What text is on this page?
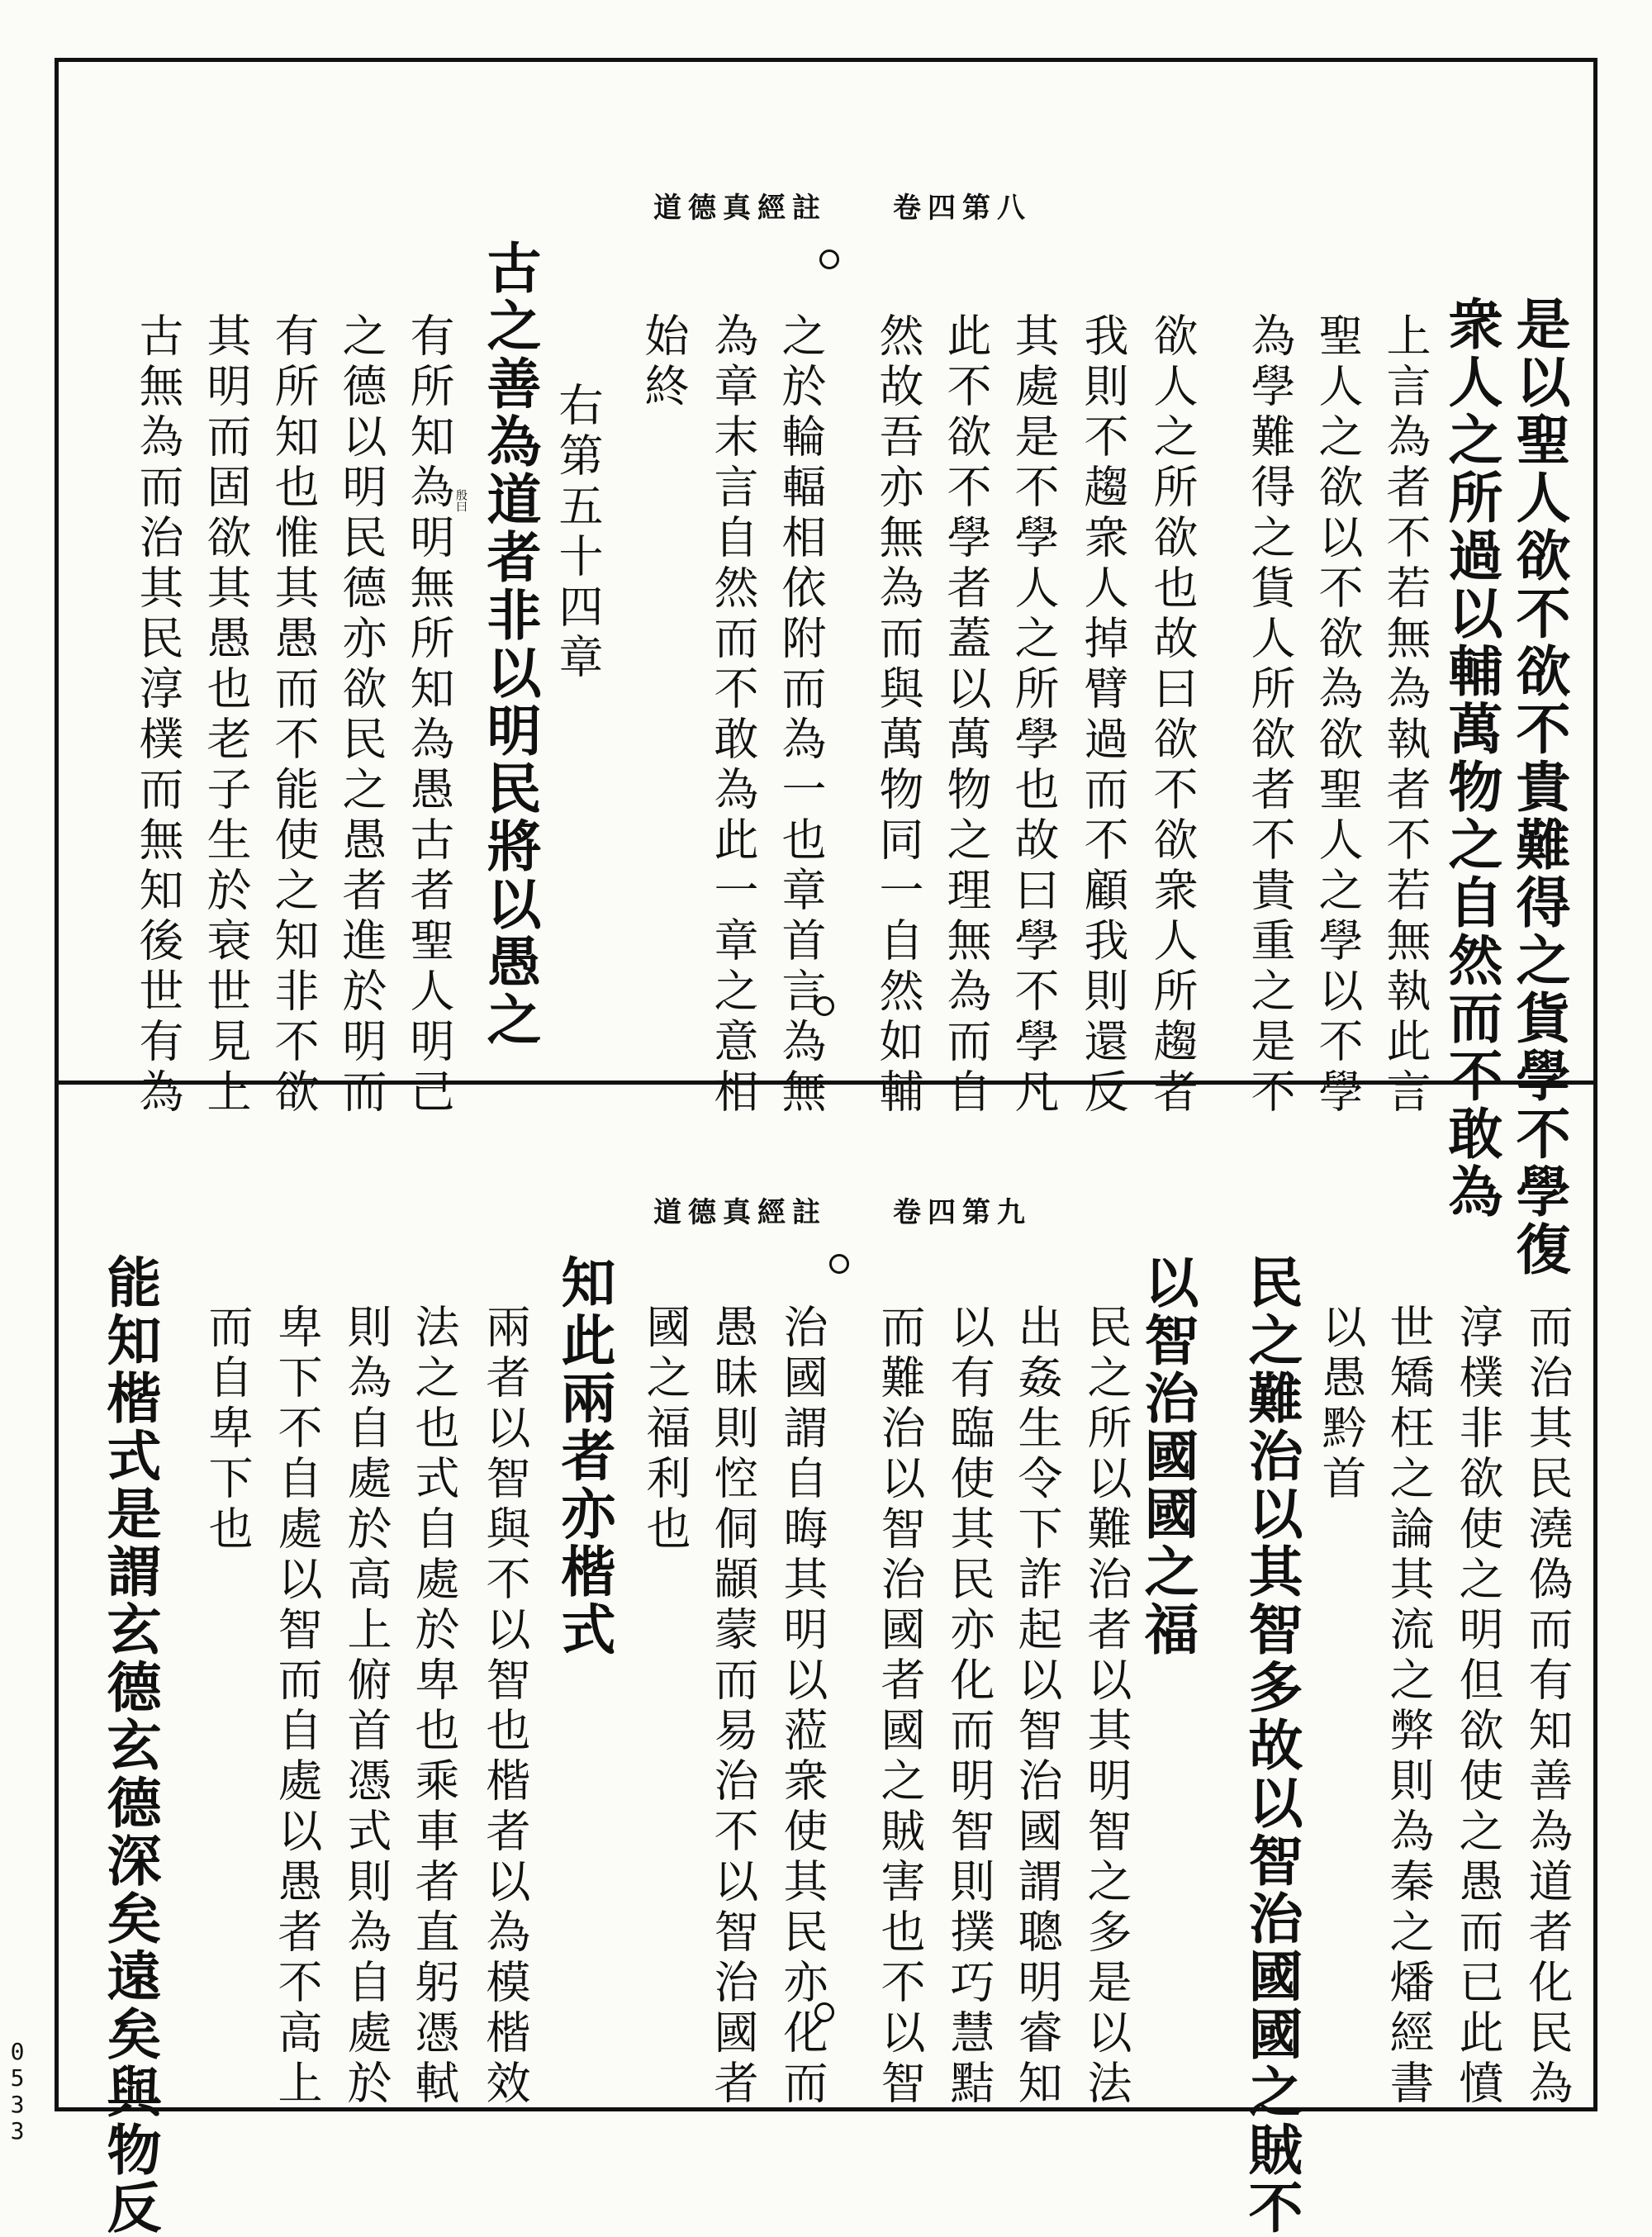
道德真經註 卷四第八
殷曰	是以聖人欲不欲不貴難得之貨學不學復
衆人之所過以輔萬物之自然而不敢為
上言為者不若無為執者不若無執此言
聖人之欲以不欲為欲聖人之學以不學
為學難得之貨人所欲者不貴重之是不
欲人之所欲也故曰欲不欲衆人所趨者
我則不趨衆人掉臂過而不顧我則還反
其處是不學人之所學也故曰學不學凡
此不欲不學者蓋以萬物之理無為而自
然故吾亦無為而與萬物同一自然如輔
之於輪輻相依附而為一也章首言為無
為章末言自然而不敢為此一章之意相
始終
右第五十四章
古之善為道者非以明民將以愚之
有所知為明無所知為愚古者聖人明己
之德以明民德亦欲民之愚者進於明而
有所知也惟其愚而不能使之知非不欲
其明而固欲其愚也老子生於衰世見上
古無為而治其民淳樸而無知後世有為
道德真經註 卷四第九
而治其民澆偽而有知善為道者化民為
淳樸非欲使之明但欲使之愚而已此憤
世矯枉之論其流之弊則為秦之燔經書
以愚黔首
民之難治以其智多故以智治國國之賊不
以智治國國之福
民之所以難治者以其明智之多是以法
出姦生令下詐起以智治國謂聰明睿知
以有臨使其民亦化而明智則撲巧慧黠
而難治以智治國者國之賊害也不以智
治國謂自晦其明以蒞衆使其民亦化而
愚昧則悾侗顓蒙而易治不以智治國者
國之福利也
知此兩者亦楷式
兩者以智與不以智也楷者以為模楷效
法之也式自處於卑也乘車者直躬憑軾
則為自處於高上俯首憑式則為自處於
卑下不自處以智而自處以愚者不高上
而自卑下也
能知楷式是謂玄德玄德深矣遠矣與物反
0
5
3
3
